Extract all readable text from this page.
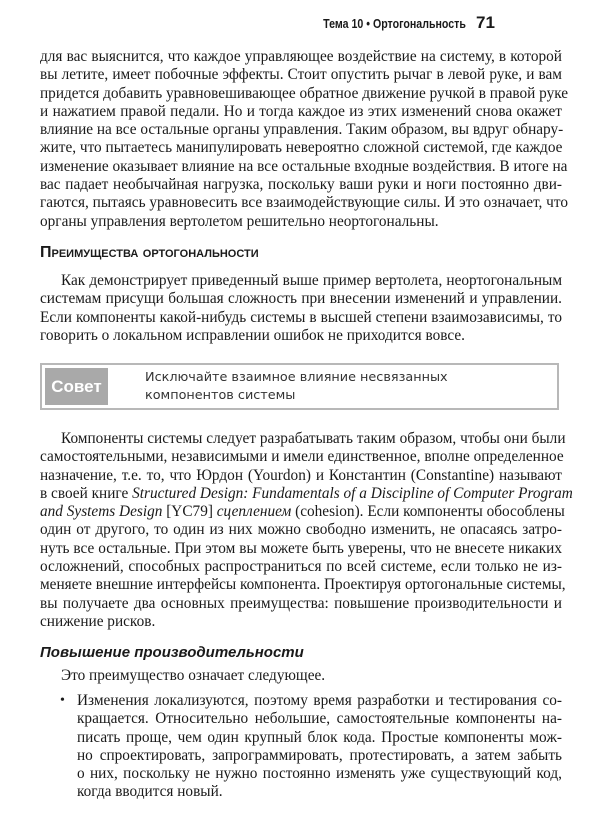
Тема 10 • Ортогональность 71
для вас выяснится, что каждое управляющее воздействие на систему, в которой
вы летите, имеет побочные эффекты. Стоит опустить рычаг в левой руке, и вам
придется добавить уравновешивающее обратное движение ручкой в правой руке
и нажатием правой педали. Но и тогда каждое из этих изменений снова окажет
влияние на все остальные органы управления. Таким образом, вы вдруг обнару-
жите, что пытаетесь манипулировать невероятно сложной системой, где каждое
изменение оказывает влияние на все остальные входные воздействия. В итоге на
вас падает необычайная нагрузка, поскольку ваши руки и ноги постоянно дви-
гаются, пытаясь уравновесить все взаимодействующие силы. И это означает, что
органы управления вертолетом решительно неортогональны.
Преимущества ортогональности
Как демонстрирует приведенный выше пример вертолета, неортогональным
системам присущи большая сложность при внесении изменений и управлении.
Если компоненты какой-нибудь системы в высшей степени взаимозависимы, то
говорить о локальном исправлении ошибок не приходится вовсе.
Совет 17
Исключайте взаимное влияние несвязанных
компонентов системы
Компоненты системы следует разрабатывать таким образом, чтобы они были
самостоятельными, независимыми и имели единственное, вполне определенное
назначение, т.е. то, что Юрдон (Yourdon) и Константин (Constantine) называют
в своей книге Structured Design: Fundamentals of a Discipline of Computer Program
and Systems Design [YC79] сцеплением (cohesion). Если компоненты обособлены
один от другого, то один из них можно свободно изменить, не опасаясь затро-
нуть все остальные. При этом вы можете быть уверены, что не внесете никаких
осложнений, способных распространиться по всей системе, если только не из-
меняете внешние интерфейсы компонента. Проектируя ортогональные системы,
вы получаете два основных преимущества: повышение производительности и
снижение рисков.
Повышение производительности
Это преимущество означает следующее.
• Изменения локализуются, поэтому время разработки и тестирования со-
кращается. Относительно небольшие, самостоятельные компоненты на-
писать проще, чем один крупный блок кода. Простые компоненты мож-
но спроектировать, запрограммировать, протестировать, а затем забыть
о них, поскольку не нужно постоянно изменять уже существующий код,
когда вводится новый.
